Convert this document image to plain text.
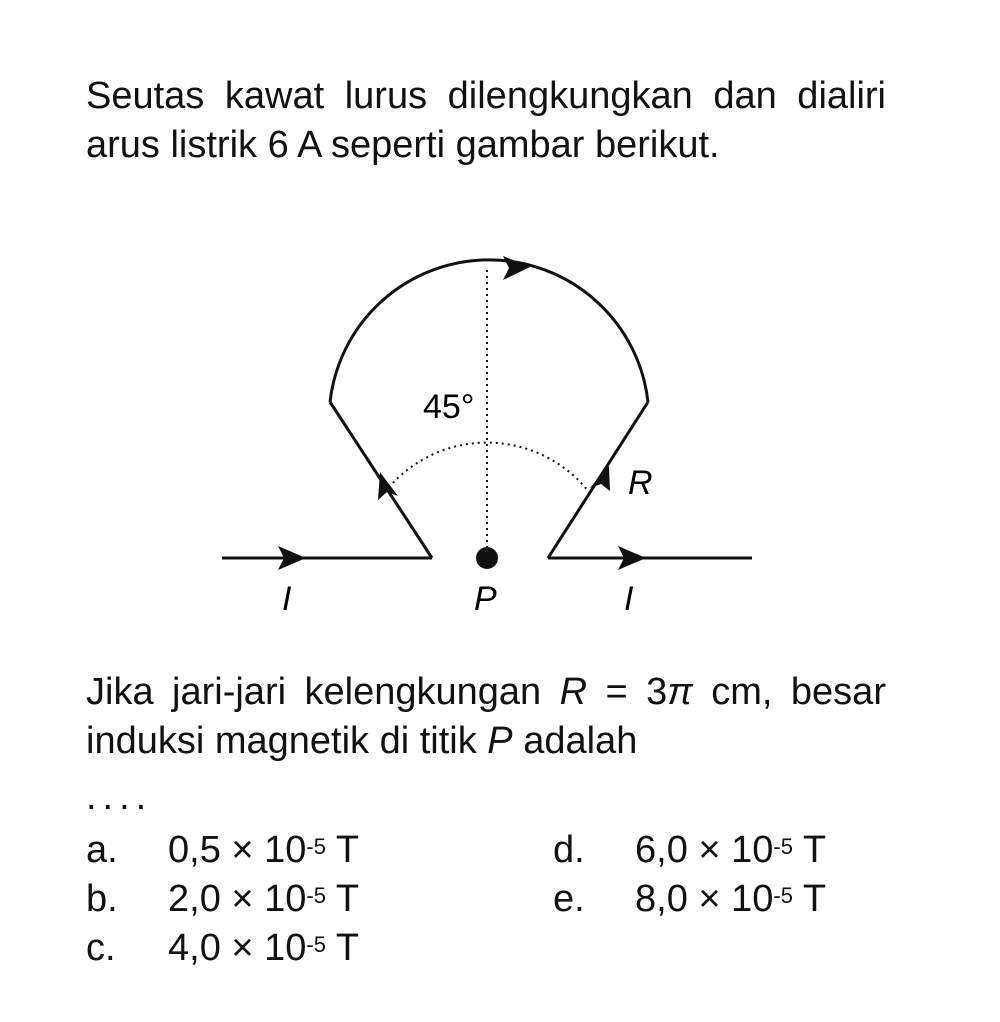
Seutas kawat lurus dilengkungkan dan dialiri arus listrik 6 A seperti gambar berikut.

45°
R
P
I	I

Jika jari-jari kelengkungan R = 3π cm, besar induksi magnetik di titik P adalah

....
a. $0,5 \times 10^{-5}$ T
b. $2,0 \times 10^{-5}$ T
c. $4,0 \times 10^{-5}$ T
d. $6,0 \times 10^{-5}$ T
e. $8,0 \times 10^{-5}$ T
